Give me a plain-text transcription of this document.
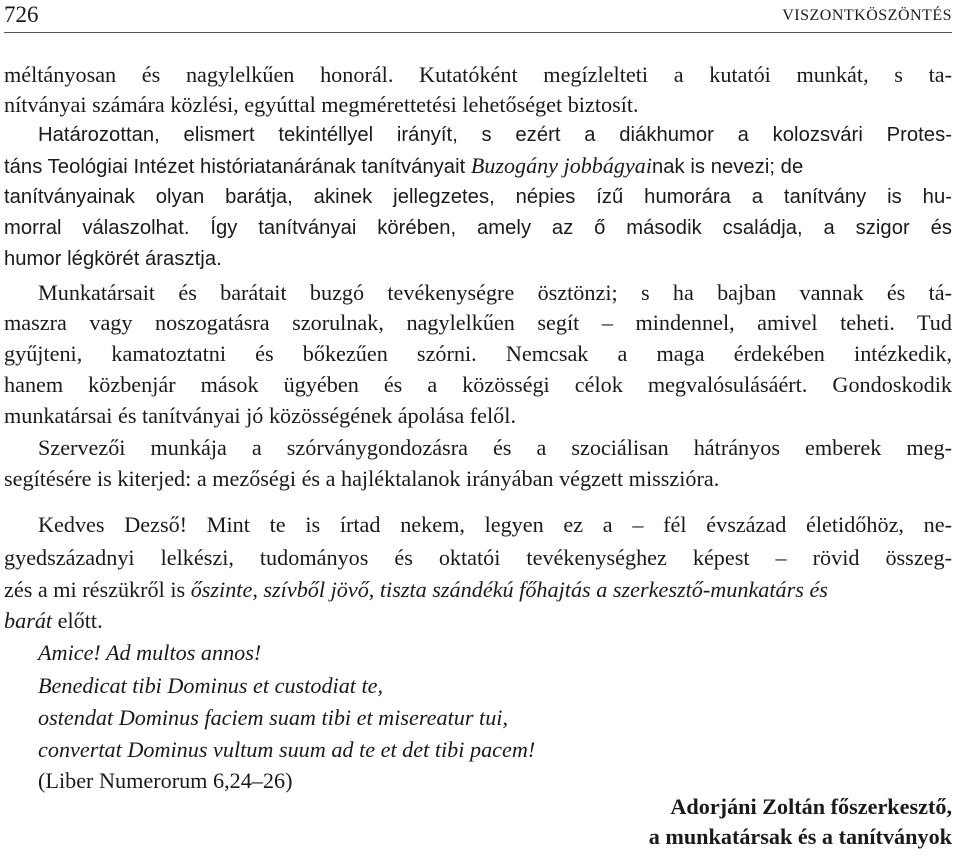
726	VISZONTKÖSZÖNTÉS
méltányosan és nagylelkűen honorál. Kutatóként megízlelteti a kutatói munkát, s ta-
nítványai számára közlési, egyúttal megmérettetési lehetőséget biztosít.
Határozottan, elismert tekintéllyel irányít, s ezért a diákhumor a kolozsvári Protes-
táns Teológiai Intézet históriatanárának tanítványait Buzogány jobbágyainak is nevezi; de
tanítványainak olyan barátja, akinek jellegzetes, népies ízű humorára a tanítvány is hu-
morral válaszolhat. Így tanítványai körében, amely az ő második családja, a szigor és
humor légkörét árasztja.
Munkatársait és barátait buzgó tevékenységre ösztönzi; s ha bajban vannak és tá-
maszra vagy noszogatásra szorulnak, nagylelkűen segít – mindennel, amivel teheti. Tud
gyűjteni, kamatoztatni és bőkezűen szórni. Nemcsak a maga érdekében intézkedik,
hanem közbenjár mások ügyében és a közösségi célok megvalósulásáért. Gondoskodik
munkatársai és tanítványai jó közösségének ápolása felől.
Szervezői munkája a szórványgondozásra és a szociálisan hátrányos emberek meg-
segítésére is kiterjed: a mezőségi és a hajléktalanok irányában végzett misszióra.
Kedves Dezső! Mint te is írtad nekem, legyen ez a – fél évszázad életidőhöz, ne-
gyedszázadnyi lelkészi, tudományos és oktatói tevékenységhez képest – rövid összeg-
zés a mi részükről is őszinte, szívből jövő, tiszta szándékú főhajtás a szerkesztő-munkatárs és
barát előtt.
Amice! Ad multos annos!
Benedicat tibi Dominus et custodiat te,
ostendat Dominus faciem suam tibi et misereatur tui,
convertat Dominus vultum suum ad te et det tibi pacem!
(Liber Numerorum 6,24–26)
Adorjáni Zoltán főszerkesztő,
a munkatársak és a tanítványok
